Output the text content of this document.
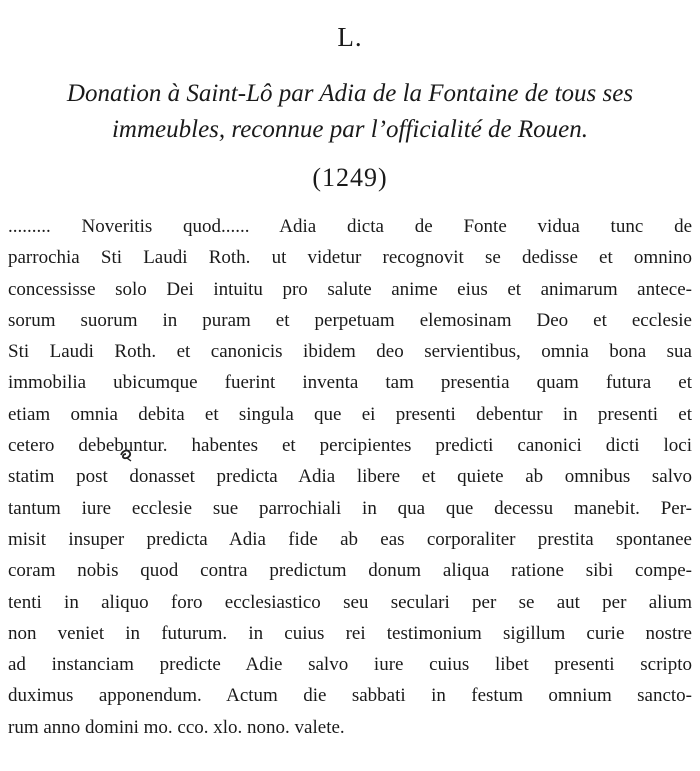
L.
Donation à Saint-Lô par Adia de la Fontaine de tous ses
immeubles, reconnue par l’officialité de Rouen.
(1249)
......... Noveritis quod...... Adia dicta de Fonte vidua tunc de
parrochia Sti Laudi Roth. ut videtur recognovit se dedisse et omnino
concessisse solo Dei intuitu pro salute anime eius et animarum antece-
sorum suorum in puram et perpetuam elemosinam Deo et ecclesie
Sti Laudi Roth. et canonicis ibidem deo servientibus, omnia bona sua
immobilia ubicumque fuerint inventa tam presentia quam futura et
etiam omnia debita et singula que ei presenti debentur in presenti et
cetero debebuntur. habentes et percipientes predicti canonici dicti loci
statim post donasset predicta Adia libere et quiete ab omnibus salvo
tantum iure ecclesie sue parrochiali in qua que decessu manebit. Per-
misit insuper predicta Adia fide ab eas corporaliter prestita spontanee
coram nobis quod contra predictum donum aliqua ratione sibi compe-
tenti in aliquo foro ecclesiastico seu seculari per se aut per alium
non veniet in futurum. in cuius rei testimonium sigillum curie nostre
ad instanciam predicte Adie salvo iure cuius libet presenti scripto
duximus apponendum. Actum die sabbati in festum omnium sancto-
rum anno domini mo. cco. xlo. nono. valete.
